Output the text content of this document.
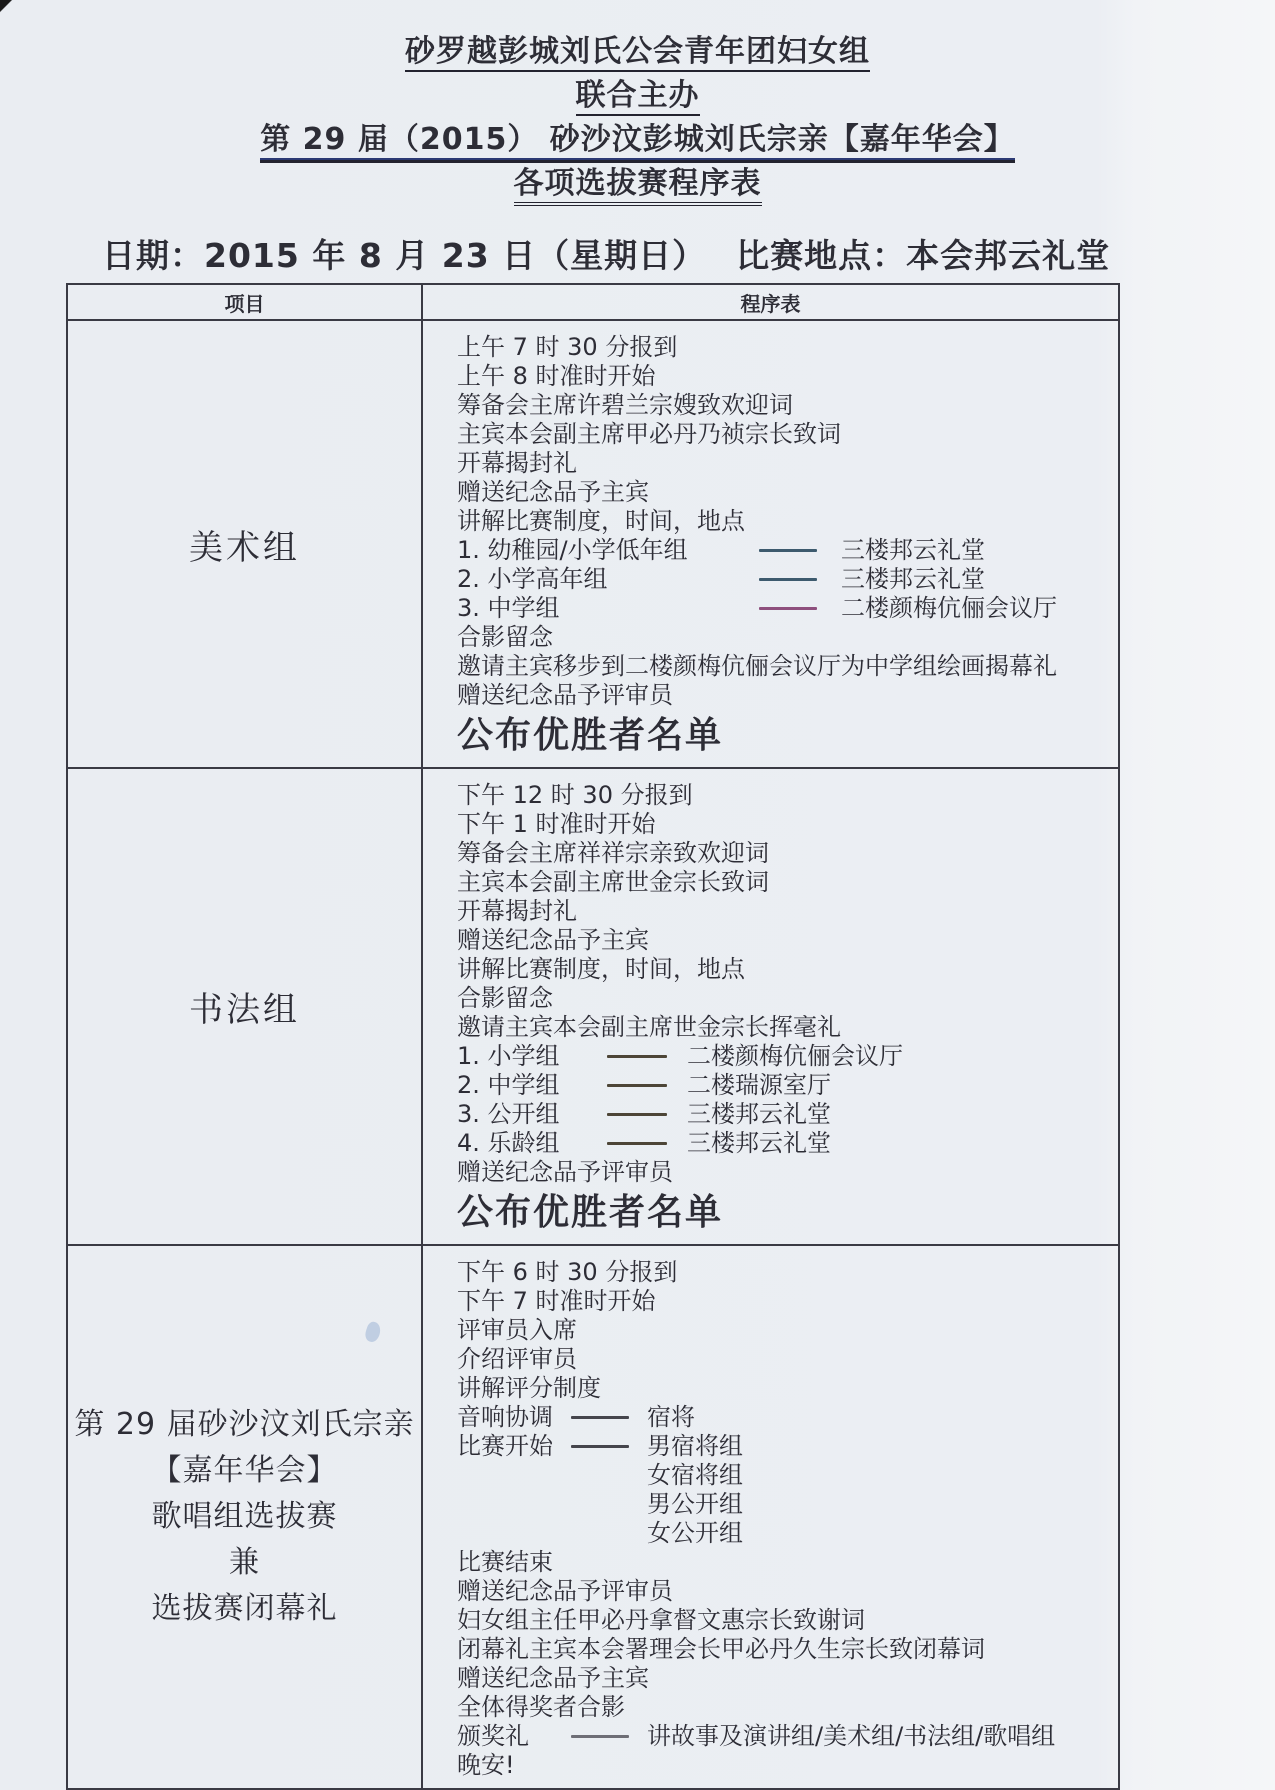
砂罗越彭城刘氏公会青年团妇女组
联合主办
第 29 届（2015） 砂沙汶彭城刘氏宗亲【嘉年华会】
各项选拔赛程序表
日期：2015 年 8 月 23 日（星期日）　 比赛地点：本会邦云礼堂
项目	程序表

美术组

上午 7 时 30 分报到
上午 8 时准时开始
筹备会主席许碧兰宗嫂致欢迎词
主宾本会副主席甲必丹乃祯宗长致词
开幕揭封礼
赠送纪念品予主宾
讲解比赛制度，时间，地点
1. 幼稚园/小学低年组	三楼邦云礼堂
2. 小学高年组	三楼邦云礼堂
3. 中学组	二楼颜梅伉俪会议厅
合影留念
邀请主宾移步到二楼颜梅伉俪会议厅为中学组绘画揭幕礼
赠送纪念品予评审员
公布优胜者名单

书法组

下午 12 时 30 分报到
下午 1 时准时开始
筹备会主席祥祥宗亲致欢迎词
主宾本会副主席世金宗长致词
开幕揭封礼
赠送纪念品予主宾
讲解比赛制度，时间，地点
合影留念
邀请主宾本会副主席世金宗长挥毫礼
1. 小学组	二楼颜梅伉俪会议厅
2. 中学组	二楼瑞源室厅
3. 公开组	三楼邦云礼堂
4. 乐龄组	三楼邦云礼堂
赠送纪念品予评审员
公布优胜者名单

第 29 届砂沙汶刘氏宗亲
【嘉年华会】
歌唱组选拔赛
兼
选拔赛闭幕礼

下午 6 时 30 分报到
下午 7 时准时开始
评审员入席
介绍评审员
讲解评分制度
音响协调	宿将
比赛开始	男宿将组
女宿将组
男公开组
女公开组
比赛结束
赠送纪念品予评审员
妇女组主任甲必丹拿督文惠宗长致谢词
闭幕礼主宾本会署理会长甲必丹久生宗长致闭幕词
赠送纪念品予主宾
全体得奖者合影
颁奖礼	讲故事及演讲组/美术组/书法组/歌唱组
晚安!
